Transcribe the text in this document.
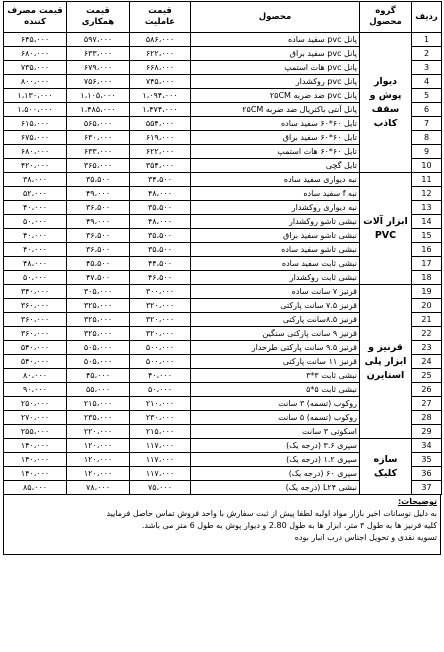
ردیف	گروه محصول	محصول	قیمت عاملیت	قیمت همکاری	قیمت مصرف کننده
1	دیوار پوش و سقف کاذب	پانل pvc سفید ساده	۵۸۶،۰۰۰	۵۹۷،۰۰۰	۶۴۵،۰۰۰
2		پانل pvc سفید براق	۶۲۲،۰۰۰	۶۳۳،۰۰۰	۶۸۰،۰۰۰
3		پانل pvc هات استمپ	۶۶۸،۰۰۰	۶۷۹،۰۰۰	۷۳۵،۰۰۰
4		پانل pvc روکشدار	۷۴۵،۰۰۰	۷۵۶،۰۰۰	۸۰۰،۰۰۰
5		پانل pvc ضد ضربه ۲۵CM	۱،۰۹۴،۰۰۰	۱،۱۰۵،۰۰۰	۱،۱۳۰،۰۰۰
6		پانل آنتی باکتریال ضد ضربه ۲۵CM	۱،۴۷۴،۰۰۰	۱،۴۸۵،۰۰۰	۱،۵۰۰،۰۰۰
7		تایل ۶۰*۶۰ سفید ساده	۵۵۴،۰۰۰	۵۶۵،۰۰۰	۶۱۵،۰۰۰
8		تایل ۶۰*۶۰ سفید براق	۶۱۹،۰۰۰	۶۳۰،۰۰۰	۶۷۵،۰۰۰
9		تایل ۶۰*۶۰ هات استمپ	۶۲۲،۰۰۰	۶۳۳،۰۰۰	۶۸۰،۰۰۰
10		تایل گچی	۳۵۴،۰۰۰	۳۶۵،۰۰۰	۴۲۰،۰۰۰
11	ابزار آلات PVC	نبه دیواری سفید ساده	۳۴،۵۰۰	۳۵،۵۰۰	۳۸،۰۰۰
12		نبه f سفید ساده	۴۸،۰۰۰	۴۹،۰۰۰	۵۲،۰۰۰
13		نبه دیواری روکشدار	۳۵،۵۰۰	۳۶،۵۰۰	۴۰،۰۰۰
14		نبشی تاشو روکشدار	۴۸،۰۰۰	۴۹،۰۰۰	۵۰،۰۰۰
15		نبشی تاشو سفید براق	۳۵،۵۰۰	۳۶،۵۰۰	۴۰،۰۰۰
16		نبشی تاشو سفید ساده	۳۵،۵۰۰	۳۶،۵۰۰	۴۰،۰۰۰
17		نبشی ثابت سفید ساده	۴۴،۵۰۰	۴۵،۵۰۰	۴۸،۰۰۰
18		نبشی ثابت روکشدار	۴۶،۵۰۰	۴۷،۵۰۰	۵۰،۰۰۰
19	قرنیز و ابزار پلی استایرن	قرنیز ۷ سانت ساده	۳۰۰،۰۰۰	۳۰۵،۰۰۰	۳۴۰،۰۰۰
20		قرنیز ۷.۵ سانت پارکتی	۳۲۰،۰۰۰	۳۲۵،۰۰۰	۳۶۰،۰۰۰
21		قرنیز ۸.۵سانت پارکتی	۳۲۰،۰۰۰	۳۲۵،۰۰۰	۳۶۰،۰۰۰
22		قرنیز ۹ سانت پارکتی سنگین	۳۲۰،۰۰۰	۳۲۵،۰۰۰	۳۶۰،۰۰۰
23		قرنیز ۹.۵ سانت پارکتی طرحدار	۵۰۰،۰۰۰	۵۰۵،۰۰۰	۵۴۰،۰۰۰
24		قرنیز ۱۱ سانت پارکتی	۵۰۰،۰۰۰	۵۰۵،۰۰۰	۵۴۰،۰۰۰
25		نبشی ثابت ۳*۳	۴۰،۰۰۰	۴۵،۰۰۰	۸۰،۰۰۰
26		نبشی ثابت ۵*۵	۵۰،۰۰۰	۵۵،۰۰۰	۹۰،۰۰۰
27		روکوب (تسمه) ۳ سانت	۲۱۰،۰۰۰	۲۱۵،۰۰۰	۲۵۰،۰۰۰
28		روکوب (تسمه) ۵ سانت	۲۳۰،۰۰۰	۲۳۵،۰۰۰	۲۷۰،۰۰۰
29		اسکوتی ۳ سانت	۲۱۵،۰۰۰	۲۲۰،۰۰۰	۲۵۵،۰۰۰
34	سازه کلیک	سپری ۳.۶ (درجه یک)	۱۱۷،۰۰۰	۱۲۰،۰۰۰	۱۴۰،۰۰۰
35		سپری ۱.۲ (درجه یک)	۱۱۷،۰۰۰	۱۲۰،۰۰۰	۱۴۰،۰۰۰
36		سپری ۶۰ (درجه یک)	۱۱۷،۰۰۰	۱۲۰،۰۰۰	۱۴۰،۰۰۰
37		نبشی L۲۴ (درجه یک)	۷۵،۰۰۰	۷۸،۰۰۰	۸۵،۰۰۰
توضیحات:
به دلیل نوسانات اخیر بازار مواد اولیه لطفا پیش از ثبت سفارش با واحد فروش تماس حاصل فرمایید
کلیه قرنیز ها به طول ۳ متر، ابزار ها به طول 2.80 و دیوار پوش به طول 6 متر می باشد.
تسویه نقدی و تحویل اجناس درب انبار بوده
